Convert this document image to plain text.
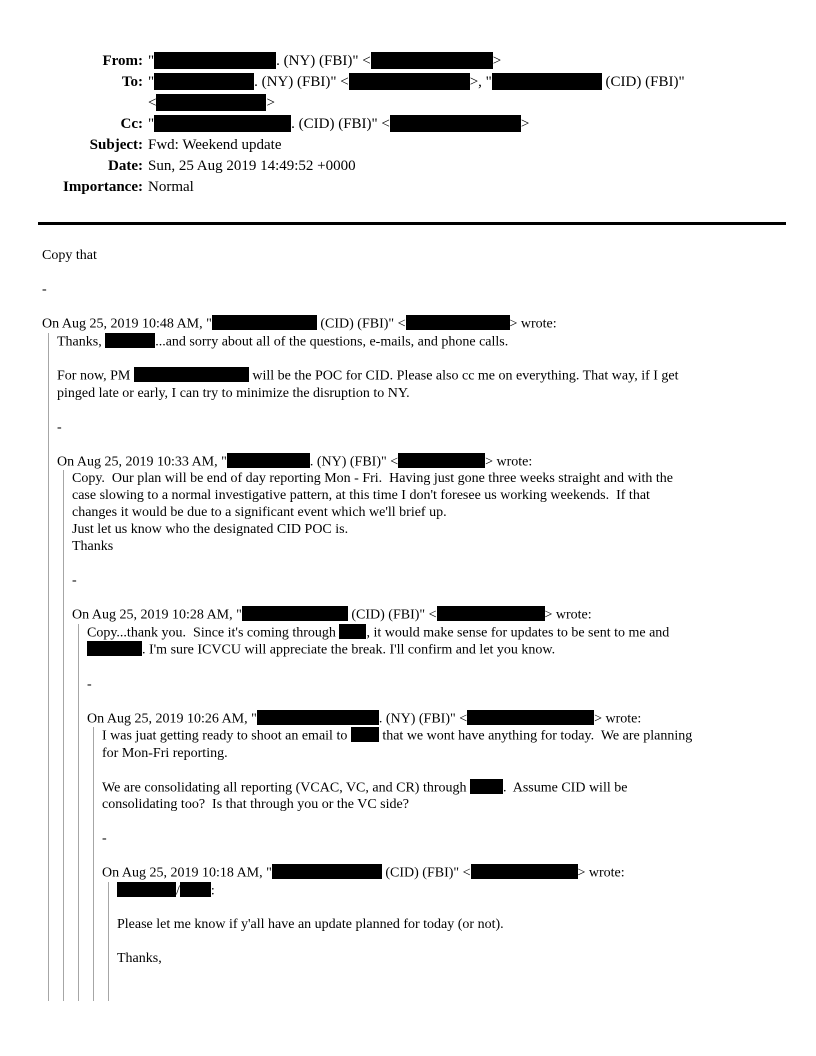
From: "	. (NY) (FBI)" <	>
To: "	. (NY) (FBI)" <	>, "	(CID) (FBI)"
<	>
Cc: "	. (CID) (FBI)" <	>
Subject: Fwd: Weekend update
Date: Sun, 25 Aug 2019 14:49:52 +0000
Importance: Normal
Copy that
-
On Aug 25, 2019 10:48 AM, "	(CID) (FBI)" <	> wrote:
Thanks,	...and sorry about all of the questions, e-mails, and phone calls.
For now, PM	will be the POC for CID. Please also cc me on everything. That way, if I get
pinged late or early, I can try to minimize the disruption to NY.
-
On Aug 25, 2019 10:33 AM, "	. (NY) (FBI)" <	> wrote:
Copy.  Our plan will be end of day reporting Mon - Fri.  Having just gone three weeks straight and with the
case slowing to a normal investigative pattern, at this time I don't foresee us working weekends.  If that
changes it would be due to a significant event which we'll brief up.
Just let us know who the designated CID POC is.
Thanks
-
On Aug 25, 2019 10:28 AM, "	(CID) (FBI)" <	> wrote:
Copy...thank you.  Since it's coming through , it would make sense for updates to be sent to me and
. I'm sure ICVCU will appreciate the break. I'll confirm and let you know.
-
On Aug 25, 2019 10:26 AM, "	. (NY) (FBI)" <	> wrote:
I was juat getting ready to shoot an email to  that we wont have anything for today.  We are planning
for Mon-Fri reporting.
We are consolidating all reporting (VCAC, VC, and CR) through .  Assume CID will be
consolidating too?  Is that through you or the VC side?
-
On Aug 25, 2019 10:18 AM, "	(CID) (FBI)" <	> wrote:
/ :
Please let me know if y'all have an update planned for today (or not).
Thanks,
